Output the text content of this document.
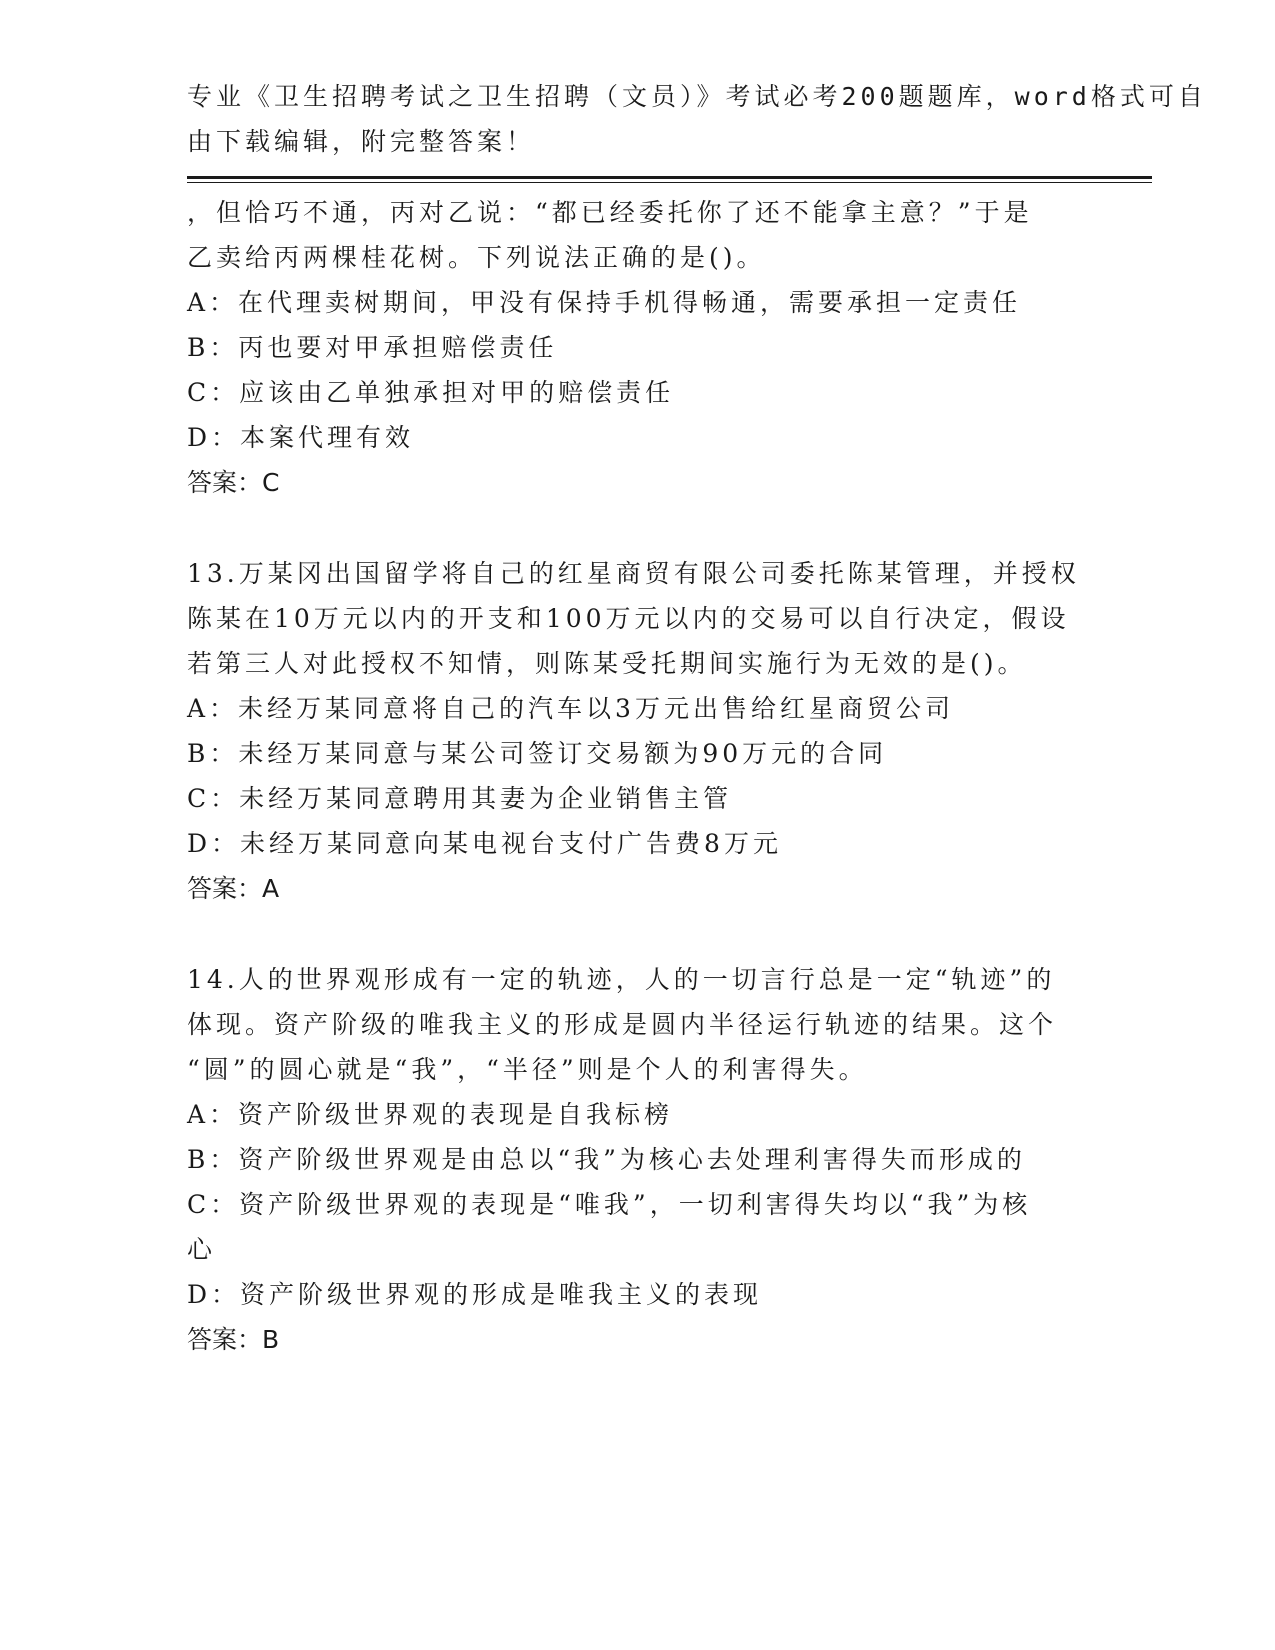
专业《卫生招聘考试之卫生招聘（文员）》考试必考200题题库，word格式可自
由下载编辑，附完整答案！
，但恰巧不通，丙对乙说：“都已经委托你了还不能拿主意？”于是
乙卖给丙两棵桂花树。下列说法正确的是()。
A：在代理卖树期间，甲没有保持手机得畅通，需要承担一定责任
B：丙也要对甲承担赔偿责任
C：应该由乙单独承担对甲的赔偿责任
D：本案代理有效
答案：C
13.万某冈出国留学将自己的红星商贸有限公司委托陈某管理，并授权
陈某在10万元以内的开支和100万元以内的交易可以自行决定，假设
若第三人对此授权不知情，则陈某受托期间实施行为无效的是()。
A：未经万某同意将自己的汽车以3万元出售给红星商贸公司
B：未经万某同意与某公司签订交易额为90万元的合同
C：未经万某同意聘用其妻为企业销售主管
D：未经万某同意向某电视台支付广告费8万元
答案：A
14.人的世界观形成有一定的轨迹，人的一切言行总是一定“轨迹”的
体现。资产阶级的唯我主义的形成是圆内半径运行轨迹的结果。这个
“圆”的圆心就是“我”，“半径”则是个人的利害得失。
A：资产阶级世界观的表现是自我标榜
B：资产阶级世界观是由总以“我”为核心去处理利害得失而形成的
C：资产阶级世界观的表现是“唯我”，一切利害得失均以“我”为核
心
D：资产阶级世界观的形成是唯我主义的表现
答案：B
